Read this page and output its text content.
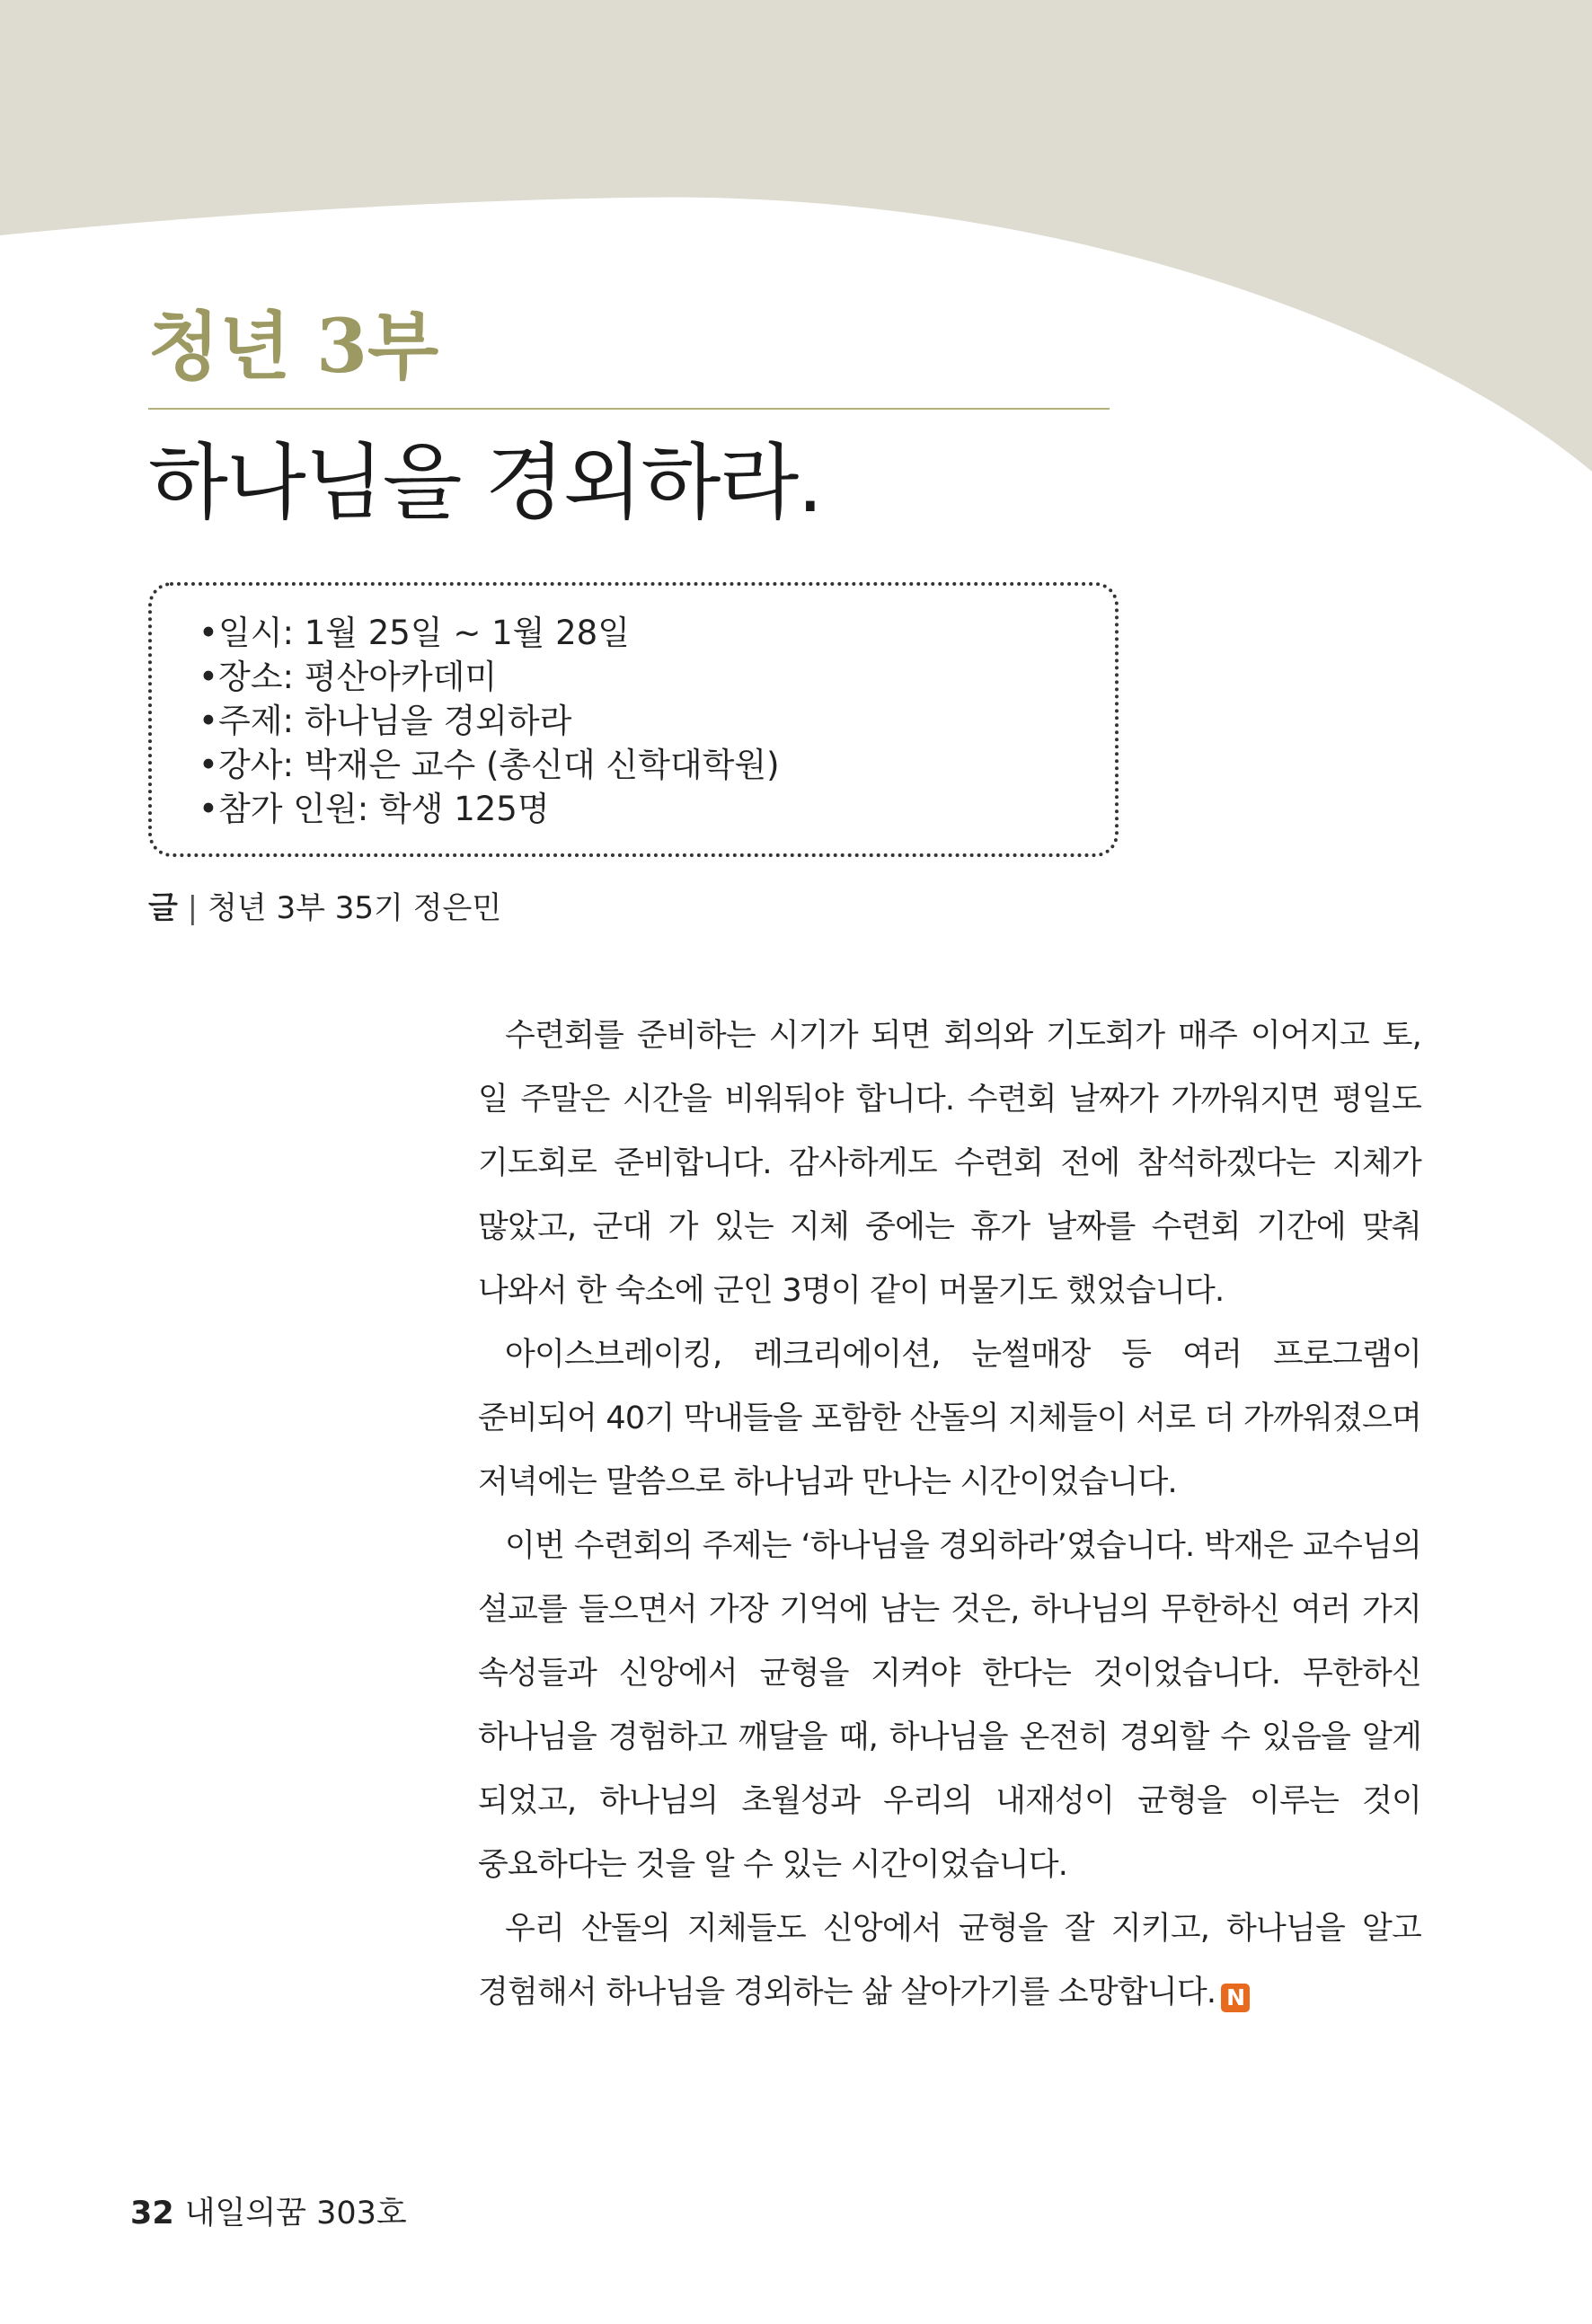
청년 3부
하나님을 경외하라.
•일시: 1월 25일 ~ 1월 28일
•장소: 평산아카데미
•주제: 하나님을 경외하라
•강사: 박재은 교수 (총신대 신학대학원)
•참가 인원: 학생 125명
글 | 청년 3부 35기 정은민

수련회를 준비하는 시기가 되면 회의와 기도회가 매주 이어지고 토, 일 주말은 시간을 비워둬야 합니다. 수련회 날짜가 가까워지면 평일도 기도회로 준비합니다. 감사하게도 수련회 전에 참석하겠다는 지체가 많았고, 군대 가 있는 지체 중에는 휴가 날짜를 수련회 기간에 맞춰 나와서 한 숙소에 군인 3명이 같이 머물기도 했었습니다.

아이스브레이킹, 레크리에이션, 눈썰매장 등 여러 프로그램이 준비되어 40기 막내들을 포함한 산돌의 지체들이 서로 더 가까워졌으며 저녁에는 말씀으로 하나님과 만나는 시간이었습니다.

이번 수련회의 주제는 ‘하나님을 경외하라’였습니다. 박재은 교수님의 설교를 들으면서 가장 기억에 남는 것은, 하나님의 무한하신 여러 가지 속성들과 신앙에서 균형을 지켜야 한다는 것이었습니다. 무한하신 하나님을 경험하고 깨달을 때, 하나님을 온전히 경외할 수 있음을 알게 되었고, 하나님의 초월성과 우리의 내재성이 균형을 이루는 것이 중요하다는 것을 알 수 있는 시간이었습니다.

우리 산돌의 지체들도 신앙에서 균형을 잘 지키고, 하나님을 알고 경험해서 하나님을 경외하는 삶 살아가기를 소망합니다. N

32 내일의꿈 303호
